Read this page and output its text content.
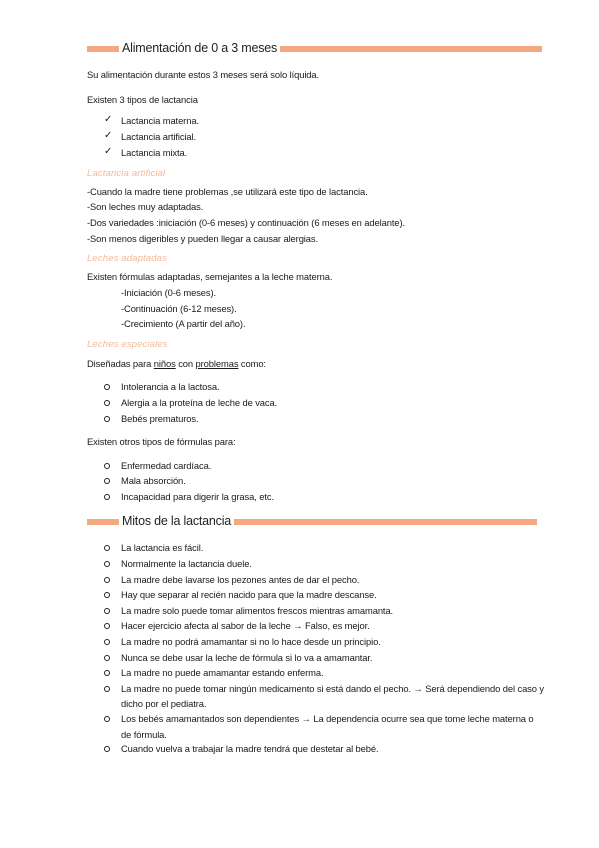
Alimentación de 0 a 3 meses
Su alimentación durante estos 3 meses será solo líquida.
Existen 3 tipos de lactancia
✓ Lactancia materna.
✓ Lactancia artificial.
✓ Lactancia mixta.
Lactancia artificial
-Cuando la madre tiene problemas ,se utilizará este tipo de lactancia.
-Son leches muy adaptadas.
-Dos variedades :iniciación (0-6 meses) y continuación (6 meses en adelante).
-Son menos digeribles y pueden llegar a causar alergias.
Leches adaptadas
Existen fórmulas adaptadas, semejantes a la leche materna.
-Iniciación (0-6 meses).
-Continuación (6-12 meses).
-Crecimiento (A partir del año).
Leches especiales
Diseñadas para niños con problemas como:
Intolerancia a la lactosa.
Alergia a la proteína de leche de vaca.
Bebés prematuros.
Existen otros tipos de fórmulas para:
Enfermedad cardíaca.
Mala absorción.
Incapacidad para digerir la grasa, etc.
Mitos de la lactancia
La lactancia es fácil.
Normalmente la lactancia duele.
La madre debe lavarse los pezones antes de dar el pecho.
Hay que separar al recién nacido para que la madre descanse.
La madre solo puede tomar alimentos frescos mientras amamanta.
Hacer ejercicio afecta al sabor de la leche → Falso, es mejor.
La madre no podrá amamantar si no lo hace desde un principio.
Nunca se debe usar la leche de fórmula si lo va a amamantar.
La madre no puede amamantar estando enferma.
La madre no puede tomar ningún medicamento si está dando el pecho. → Será dependiendo del caso y
dicho por el pediatra.
Los bebés amamantados son dependientes → La dependencia ocurre sea que tome leche materna o
de fórmula.
Cuando vuelva a trabajar la madre tendrá que destetar al bebé.
